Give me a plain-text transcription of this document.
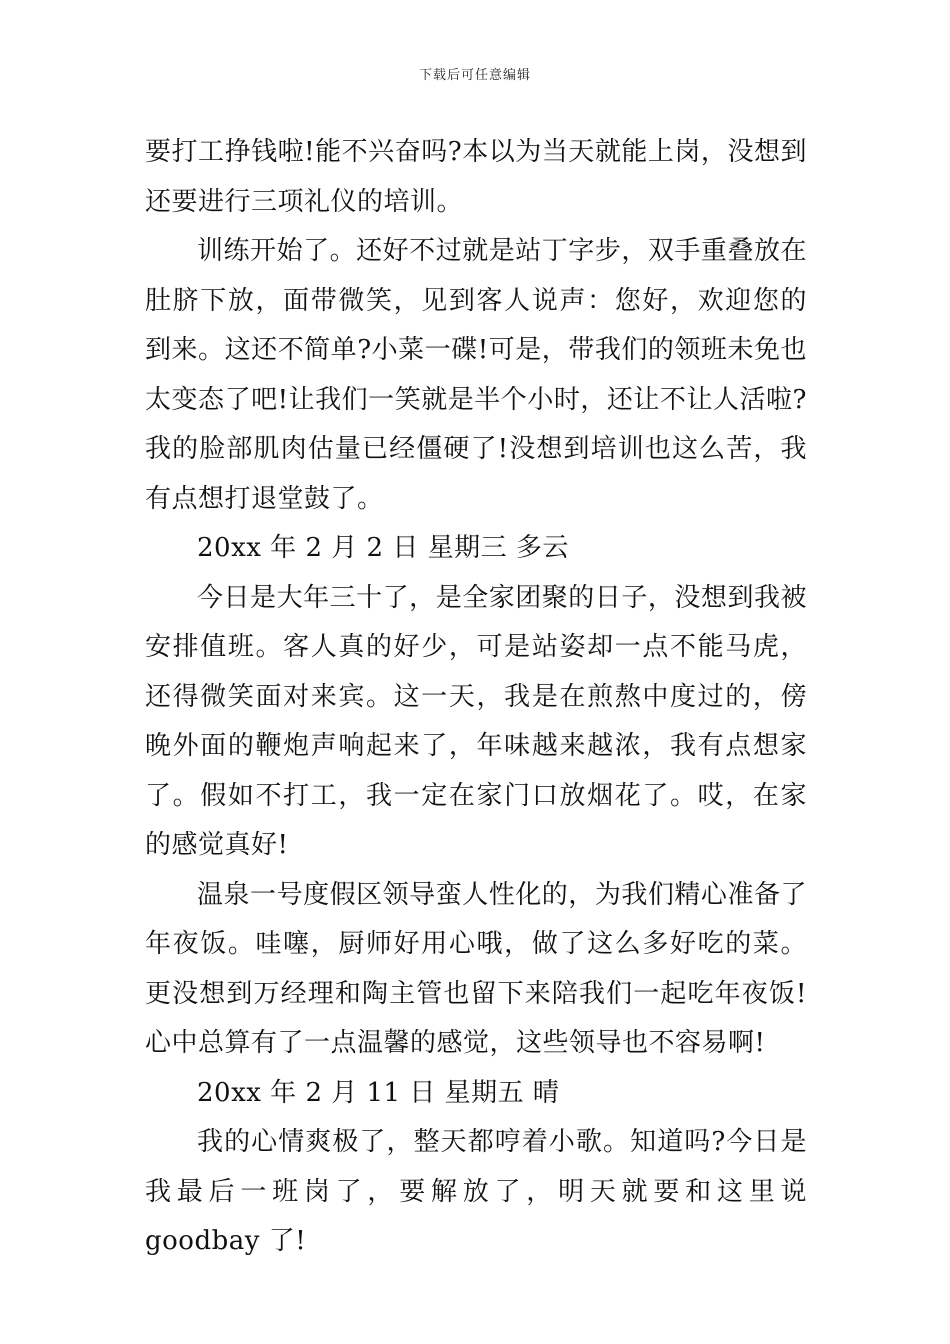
下载后可任意编辑

要打工挣钱啦!能不兴奋吗?本以为当天就能上岗，没想到还要进行三项礼仪的培训。

训练开始了。还好不过就是站丁字步，双手重叠放在肚脐下放，面带微笑，见到客人说声：您好，欢迎您的到来。这还不简单?小菜一碟!可是，带我们的领班未免也太变态了吧!让我们一笑就是半个小时，还让不让人活啦?我的脸部肌肉估量已经僵硬了!没想到培训也这么苦，我有点想打退堂鼓了。

20xx 年 2 月 2 日 星期三 多云

今日是大年三十了，是全家团聚的日子，没想到我被安排值班。客人真的好少，可是站姿却一点不能马虎，还得微笑面对来宾。这一天，我是在煎熬中度过的，傍晚外面的鞭炮声响起来了，年味越来越浓，我有点想家了。假如不打工，我一定在家门口放烟花了。哎，在家的感觉真好!

温泉一号度假区领导蛮人性化的，为我们精心准备了年夜饭。哇噻，厨师好用心哦，做了这么多好吃的菜。更没想到万经理和陶主管也留下来陪我们一起吃年夜饭!心中总算有了一点温馨的感觉，这些领导也不容易啊!

20xx 年 2 月 11 日 星期五 晴

我的心情爽极了，整天都哼着小歌。知道吗?今日是我最后一班岗了，要解放了，明天就要和这里说 goodbay 了!
